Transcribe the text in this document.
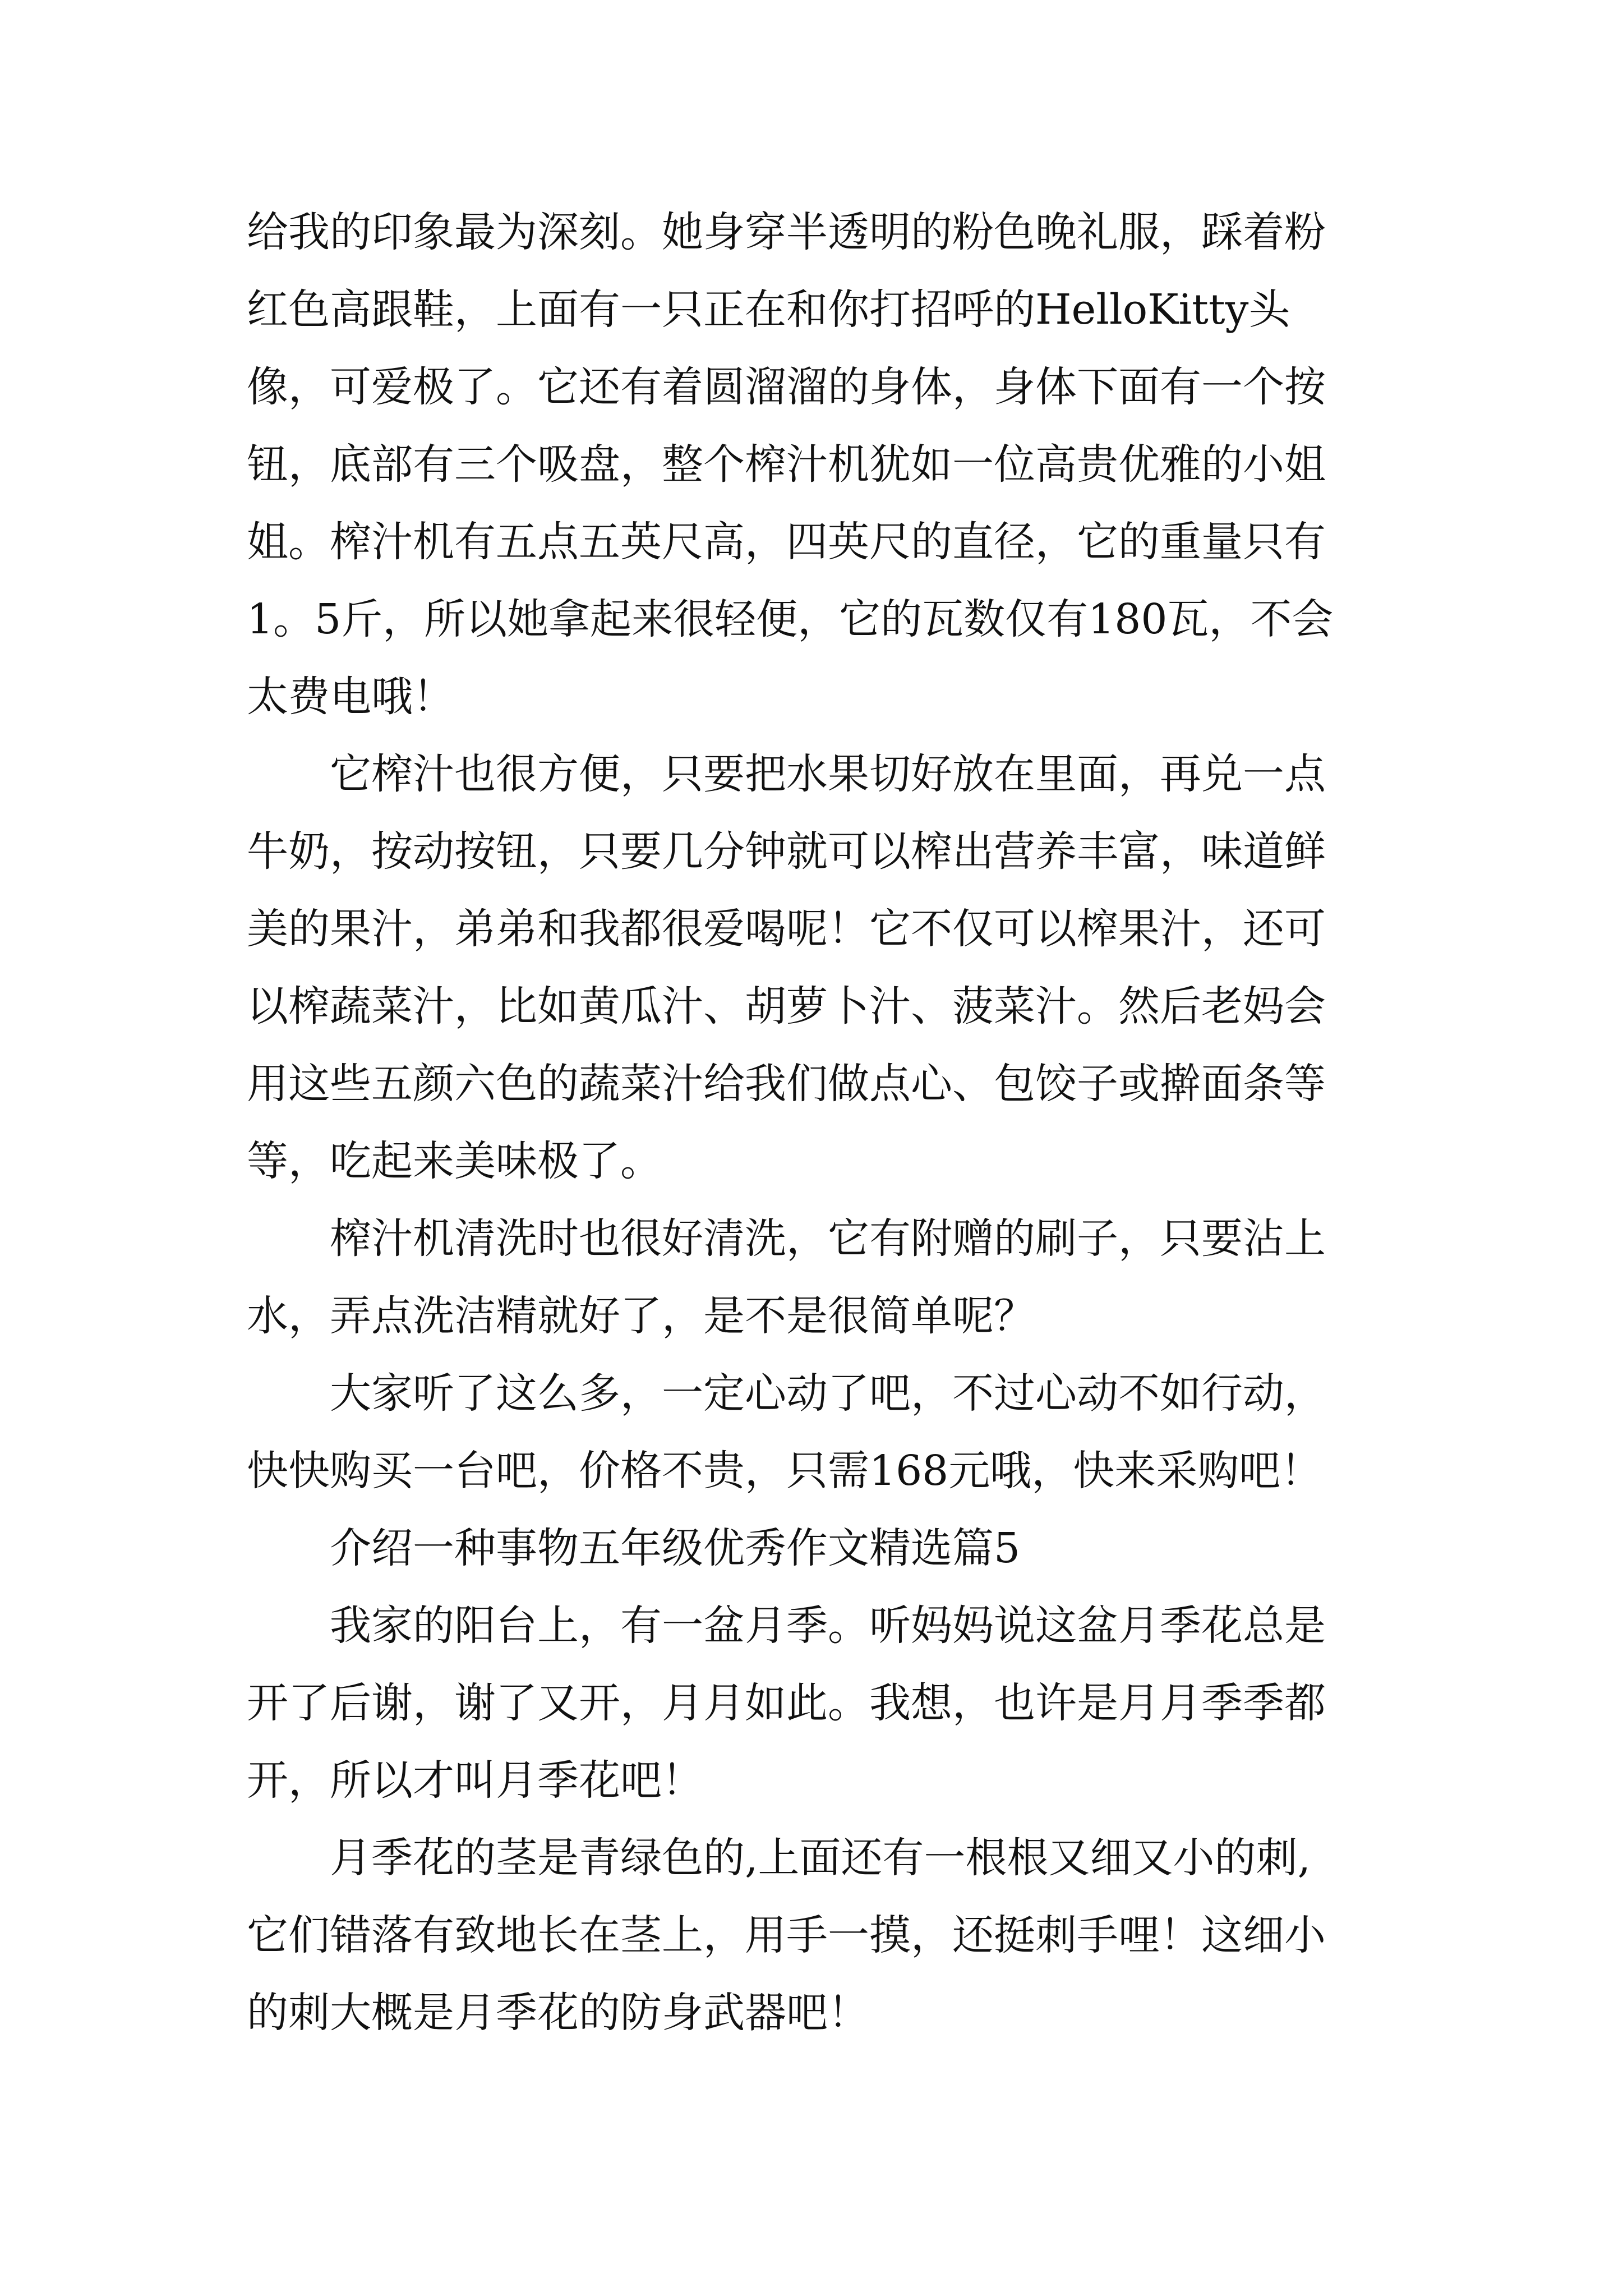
给我的印象最为深刻。她身穿半透明的粉色晚礼服，踩着粉
红色高跟鞋，上面有一只正在和你打招呼的HelloKitty头
像，可爱极了。它还有着圆溜溜的身体，身体下面有一个按
钮，底部有三个吸盘，整个榨汁机犹如一位高贵优雅的小姐
姐。榨汁机有五点五英尺高，四英尺的直径，它的重量只有
1。5斤，所以她拿起来很轻便，它的瓦数仅有180瓦，不会
太费电哦！
它榨汁也很方便，只要把水果切好放在里面，再兑一点
牛奶，按动按钮，只要几分钟就可以榨出营养丰富，味道鲜
美的果汁，弟弟和我都很爱喝呢！它不仅可以榨果汁，还可
以榨蔬菜汁，比如黄瓜汁、胡萝卜汁、菠菜汁。然后老妈会
用这些五颜六色的蔬菜汁给我们做点心、包饺子或擀面条等
等，吃起来美味极了。
榨汁机清洗时也很好清洗，它有附赠的刷子，只要沾上
水，弄点洗洁精就好了，是不是很简单呢？
大家听了这么多，一定心动了吧，不过心动不如行动，
快快购买一台吧，价格不贵，只需168元哦，快来采购吧！
介绍一种事物五年级优秀作文精选篇5
我家的阳台上，有一盆月季。听妈妈说这盆月季花总是
开了后谢，谢了又开，月月如此。我想，也许是月月季季都
开，所以才叫月季花吧！
月季花的茎是青绿色的,上面还有一根根又细又小的刺,
它们错落有致地长在茎上，用手一摸，还挺刺手哩！这细小
的刺大概是月季花的防身武器吧！
